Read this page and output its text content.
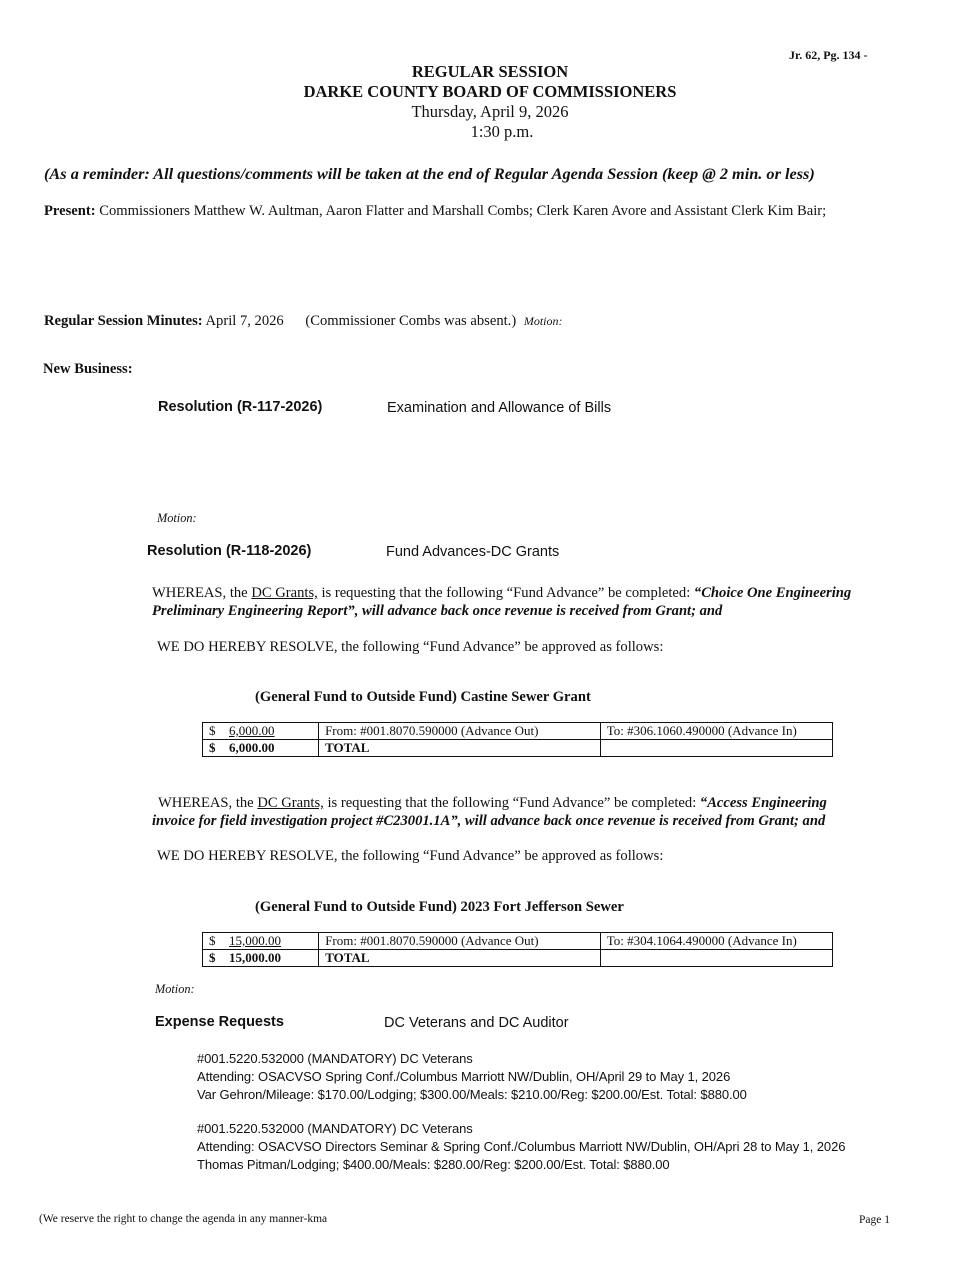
Jr. 62, Pg. 134 -
REGULAR SESSION
DARKE COUNTY BOARD OF COMMISSIONERS
Thursday, April 9, 2026
1:30 p.m.
(As a reminder: All questions/comments will be taken at the end of Regular Agenda Session (keep @ 2 min. or less)
Present: Commissioners Matthew W. Aultman, Aaron Flatter and Marshall Combs; Clerk Karen Avore and Assistant Clerk Kim Bair;
Regular Session Minutes: April 7, 2026 (Commissioner Combs was absent.) Motion:
New Business:
Resolution (R-117-2026)	Examination and Allowance of Bills
Motion:
Resolution (R-118-2026)	Fund Advances-DC Grants
WHEREAS, the DC Grants, is requesting that the following “Fund Advance” be completed: “Choice One Engineering
Preliminary Engineering Report”, will advance back once revenue is received from Grant; and
WE DO HEREBY RESOLVE, the following “Fund Advance” be approved as follows:
(General Fund to Outside Fund) Castine Sewer Grant
$ 6,000.00	From: #001.8070.590000 (Advance Out)	To: #306.1060.490000 (Advance In)
$ 6,000.00	TOTAL	
WHEREAS, the DC Grants, is requesting that the following “Fund Advance” be completed: “Access Engineering
invoice for field investigation project #C23001.1A”, will advance back once revenue is received from Grant; and
WE DO HEREBY RESOLVE, the following “Fund Advance” be approved as follows:
(General Fund to Outside Fund) 2023 Fort Jefferson Sewer
$ 15,000.00	From: #001.8070.590000 (Advance Out)	To: #304.1064.490000 (Advance In)
$ 15,000.00	TOTAL	
Motion:
Expense Requests	DC Veterans and DC Auditor
#001.5220.532000 (MANDATORY) DC Veterans
Attending: OSACVSO Spring Conf./Columbus Marriott NW/Dublin, OH/April 29 to May 1, 2026
Var Gehron/Mileage: $170.00/Lodging; $300.00/Meals: $210.00/Reg: $200.00/Est. Total: $880.00
#001.5220.532000 (MANDATORY) DC Veterans
Attending: OSACVSO Directors Seminar & Spring Conf./Columbus Marriott NW/Dublin, OH/Apri 28 to May 1, 2026
Thomas Pitman/Lodging; $400.00/Meals: $280.00/Reg: $200.00/Est. Total: $880.00
(We reserve the right to change the agenda in any manner-kma	Page 1
